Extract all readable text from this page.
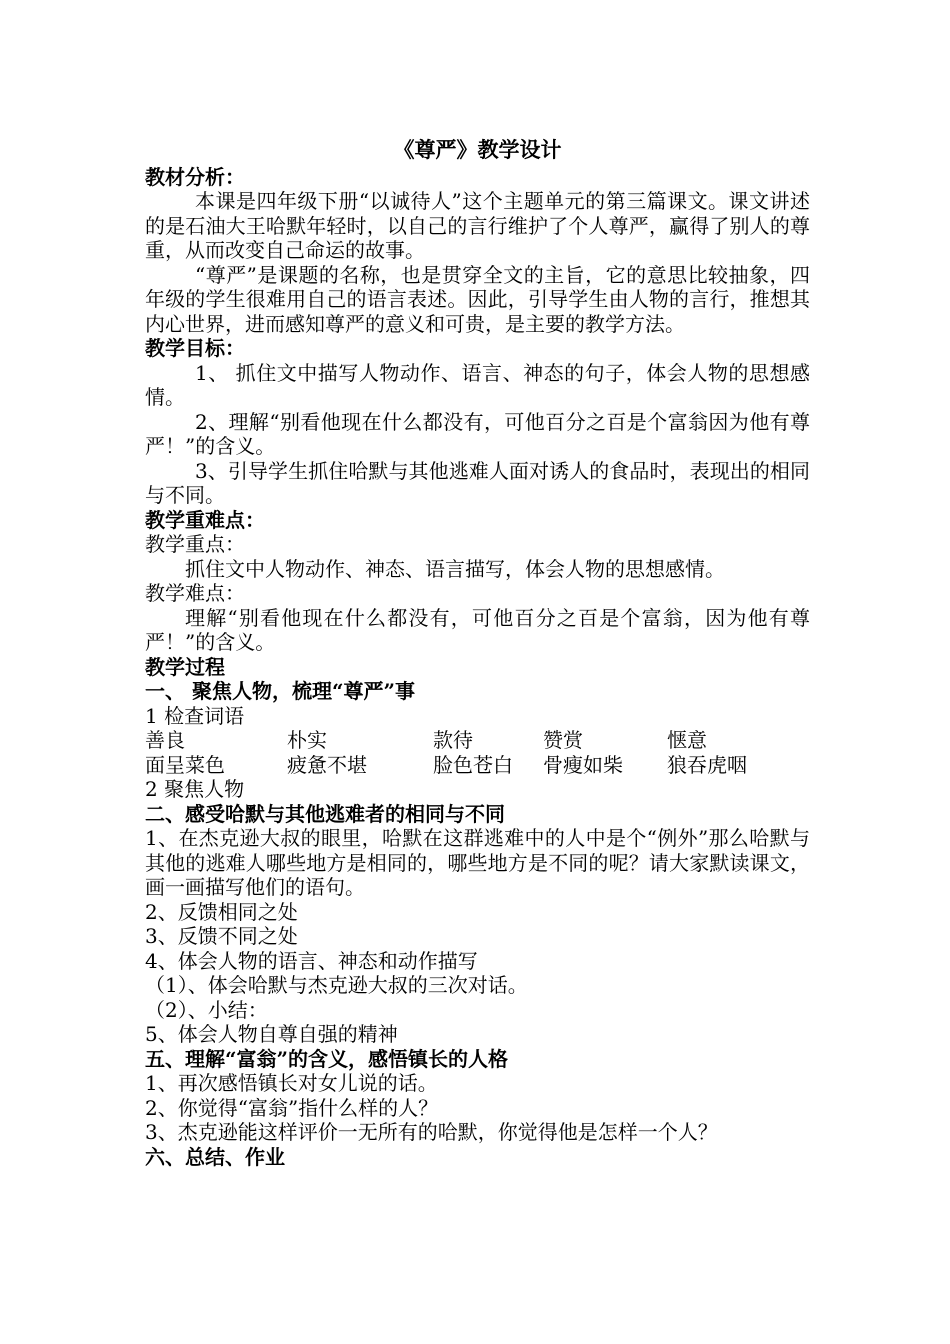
《尊严》教学设计
教材分析：
本课是四年级下册“以诚待人”这个主题单元的第三篇课文。课文讲述的是石油大王哈默年轻时，以自己的言行维护了个人尊严，赢得了别人的尊重，从而改变自己命运的故事。
“尊严”是课题的名称，也是贯穿全文的主旨，它的意思比较抽象，四年级的学生很难用自己的语言表述。因此，引导学生由人物的言行，推想其内心世界，进而感知尊严的意义和可贵，是主要的教学方法。
教学目标：
1、 抓住文中描写人物动作、语言、神态的句子，体会人物的思想感情。
2、理解“别看他现在什么都没有，可他百分之百是个富翁因为他有尊严！”的含义。
3、引导学生抓住哈默与其他逃难人面对诱人的食品时，表现出的相同与不同。
教学重难点：
教学重点：
抓住文中人物动作、神态、语言描写，体会人物的思想感情。
教学难点：
理解“别看他现在什么都没有，可他百分之百是个富翁，因为他有尊严！”的含义。
教学过程
一、 聚焦人物，梳理“尊严”事
1 检查词语
善良	朴实	款待	赞赏	惬意
面呈菜色	疲惫不堪	脸色苍白	骨瘦如柴	狼吞虎咽
2 聚焦人物
二、感受哈默与其他逃难者的相同与不同
1、在杰克逊大叔的眼里，哈默在这群逃难中的人中是个“例外”那么哈默与其他的逃难人哪些地方是相同的，哪些地方是不同的呢？请大家默读课文，画一画描写他们的语句。
2、反馈相同之处
3、反馈不同之处
4、体会人物的语言、神态和动作描写
（1）、体会哈默与杰克逊大叔的三次对话。
（2）、小结：
5、体会人物自尊自强的精神
五、理解“富翁”的含义，感悟镇长的人格
1、再次感悟镇长对女儿说的话。
2、你觉得“富翁”指什么样的人？
3、杰克逊能这样评价一无所有的哈默，你觉得他是怎样一个人？
六、总结、作业
